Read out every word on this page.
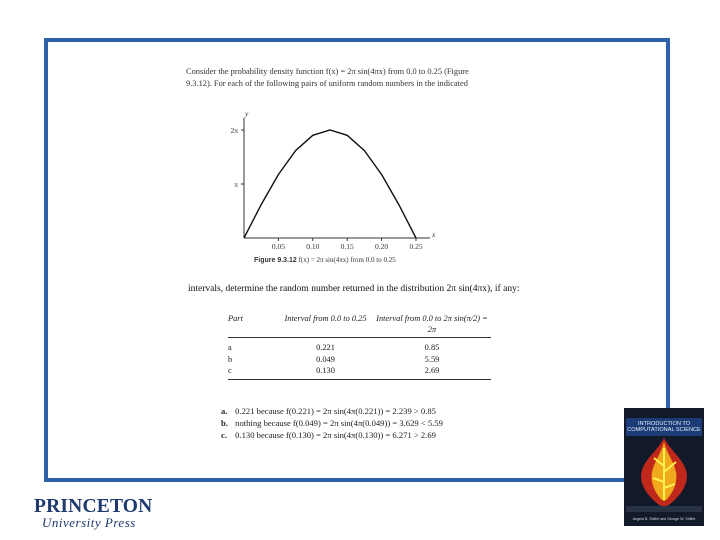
Consider the probability density function f(x) = 2π sin(4πx) from 0.0 to 0.25 (Figure 9.3.12). For each of the following pairs of uniform random numbers in the indicated
x
y
0.05	0.10	0.15	0.20	0.25
π
2π
Figure 9.3.12 f(x) = 2π sin(4πx) from 0.0 to 0.25
intervals, determine the random number returned in the distribution 2π sin(4πx), if any:
Part	Interval from 0.0 to 0.25	Interval from 0.0 to 2π sin(π/2) = 2π
a	0.221	0.85
b	0.049	5.59
c	0.130	2.69
a. 0.221 because f(0.221) = 2π sin(4π(0.221)) = 2.239 > 0.85
b. nothing because f(0.049) = 2π sin(4π(0.049)) = 3.629 < 5.59
c. 0.130 because f(0.130) = 2π sin(4π(0.130)) = 6.271 > 2.69
INTRODUCTION TO COMPUTATIONAL SCIENCE
Angela B. Shiflet and George W. Shiflet
PRINCETON
University Press
